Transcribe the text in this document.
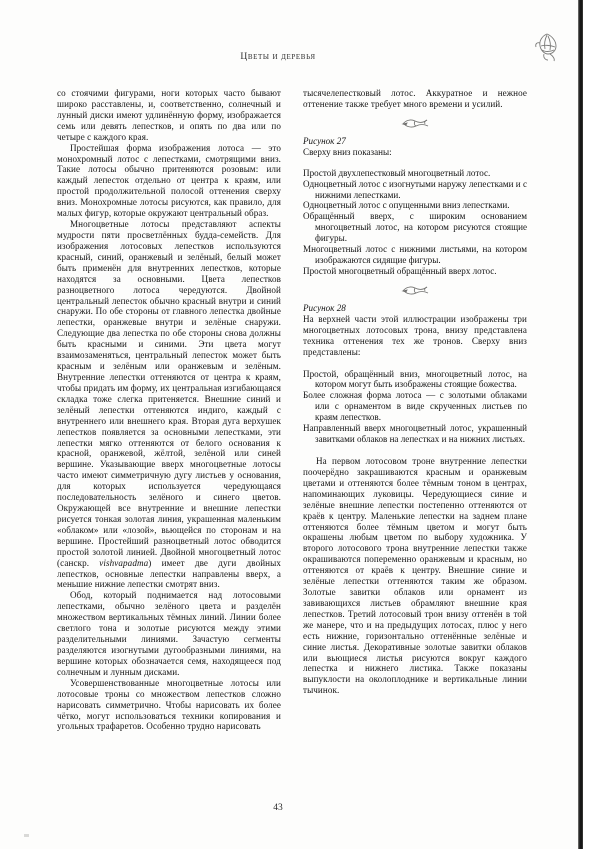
Цветы и деревья

со стоячими фигурами, ноги которых часто бывают широко расставлены, и, соответственно, солнечный и лунный диски имеют удлинённую форму, изображается семь или девять лепестков, и опять по два или по четыре с каждого края.

Простейшая форма изображения лотоса — это монохромный лотос с лепестками, смотрящими вниз. Такие лотосы обычно притеняются розовым: или каждый лепесток отдельно от центра к краям, или простой продолжительной полосой оттенения сверху вниз. Монохромные лотосы рисуются, как правило, для малых фигур, которые окружают центральный образ.

Многоцветные лотосы представляют аспекты мудрости пяти просветлённых будда-семейств. Для изображения лотосовых лепестков используются красный, синий, оранжевый и зелёный, белый может быть применён для внутренних лепестков, которые находятся за основными. Цвета лепестков разноцветного лотоса чередуются. Двойной центральный лепесток обычно красный внутри и синий снаружи. По обе стороны от главного лепестка двойные лепестки, оранжевые внутри и зелёные снаружи. Следующие два лепестка по обе стороны снова должны быть красными и синими. Эти цвета могут взаимозаменяться, центральный лепесток может быть красным и зелёным или оранжевым и зелёным. Внутренние лепестки оттеняются от центра к краям, чтобы придать им форму, их центральная изгибающаяся складка тоже слегка притеняется. Внешние синий и зелёный лепестки оттеняются индиго, каждый с внутреннего или внешнего края. Вторая дуга верхушек лепестков появляется за основными лепестками, эти лепестки мягко оттеняются от белого основания к красной, оранжевой, жёлтой, зелёной или синей вершине. Указывающие вверх многоцветные лотосы часто имеют симметричную дугу листьев у основания, для которых используется чередующаяся последовательность зелёного и синего цветов. Окружающей все внутренние и внешние лепестки рисуется тонкая золотая линия, украшенная маленьким «облаком» или «лозой», вьющейся по сторонам и на вершине. Простейший разноцветный лотос обводится простой золотой линией. Двойной многоцветный лотос (санскр. vishvapadma) имеет две дуги двойных лепестков, основные лепестки направлены вверх, а меньшие нижние лепестки смотрят вниз.

Обод, который поднимается над лотосовыми лепестками, обычно зелёного цвета и разделён множеством вертикальных тёмных линий. Линии более светлого тона и золотые рисуются между этими разделительными линиями. Зачастую сегменты разделяются изогнутыми дугообразными линиями, на вершине которых обозначается семя, находящееся под солнечным и лунным дисками.

Усовершенствованные многоцветные лотосы или лотосовые троны со множеством лепестков сложно нарисовать симметрично. Чтобы нарисовать их более чётко, могут использоваться техники копирования и угольных трафаретов. Особенно трудно нарисовать

тысячелепестковый лотос. Аккуратное и нежное оттенение также требует много времени и усилий.

Рисунок 27
Сверху вниз показаны:
Простой двухлепестковый многоцветный лотос.
Одноцветный лотос с изогнутыми наружу лепестками и с нижними лепестками.
Одноцветный лотос с опущенными вниз лепестками.
Обращённый вверх, с широким основанием многоцветный лотос, на котором рисуются стоящие фигуры.
Многоцветный лотос с нижними листьями, на котором изображаются сидящие фигуры.
Простой многоцветный обращённый вверх лотос.
Рисунок 28

На верхней части этой иллюстрации изображены три многоцветных лотосовых трона, внизу представлена техника оттенения тех же тронов. Сверху вниз представлены:

Простой, обращённый вниз, многоцветный лотос, на котором могут быть изображены стоящие божества.
Более сложная форма лотоса — с золотыми облаками или с орнаментом в виде скрученных листьев по краям лепестков.
Направленный вверх многоцветный лотос, украшенный завитками облаков на лепестках и на нижних листьях.

На первом лотосовом троне внутренние лепестки поочерёдно закрашиваются красным и оранжевым цветами и оттеняются более тёмным тоном в центрах, напоминающих луковицы. Чередующиеся синие и зелёные внешние лепестки постепенно оттеняются от краёв к центру. Маленькие лепестки на заднем плане оттеняются более тёмным цветом и могут быть окрашены любым цветом по выбору художника. У второго лотосового трона внутренние лепестки также окрашиваются попеременно оранжевым и красным, но оттеняются от краёв к центру. Внешние синие и зелёные лепестки оттеняются таким же образом. Золотые завитки облаков или орнамент из завивающихся листьев обрамляют внешние края лепестков. Третий лотосовый трон внизу оттенён в той же манере, что и на предыдущих лотосах, плюс у него есть нижние, горизонтально оттенённые зелёные и синие листья. Декоративные золотые завитки облаков или вьющиеся листья рисуются вокруг каждого лепестка и нижнего листика. Также показаны выпуклости на околоплоднике и вертикальные линии тычинок.

43
